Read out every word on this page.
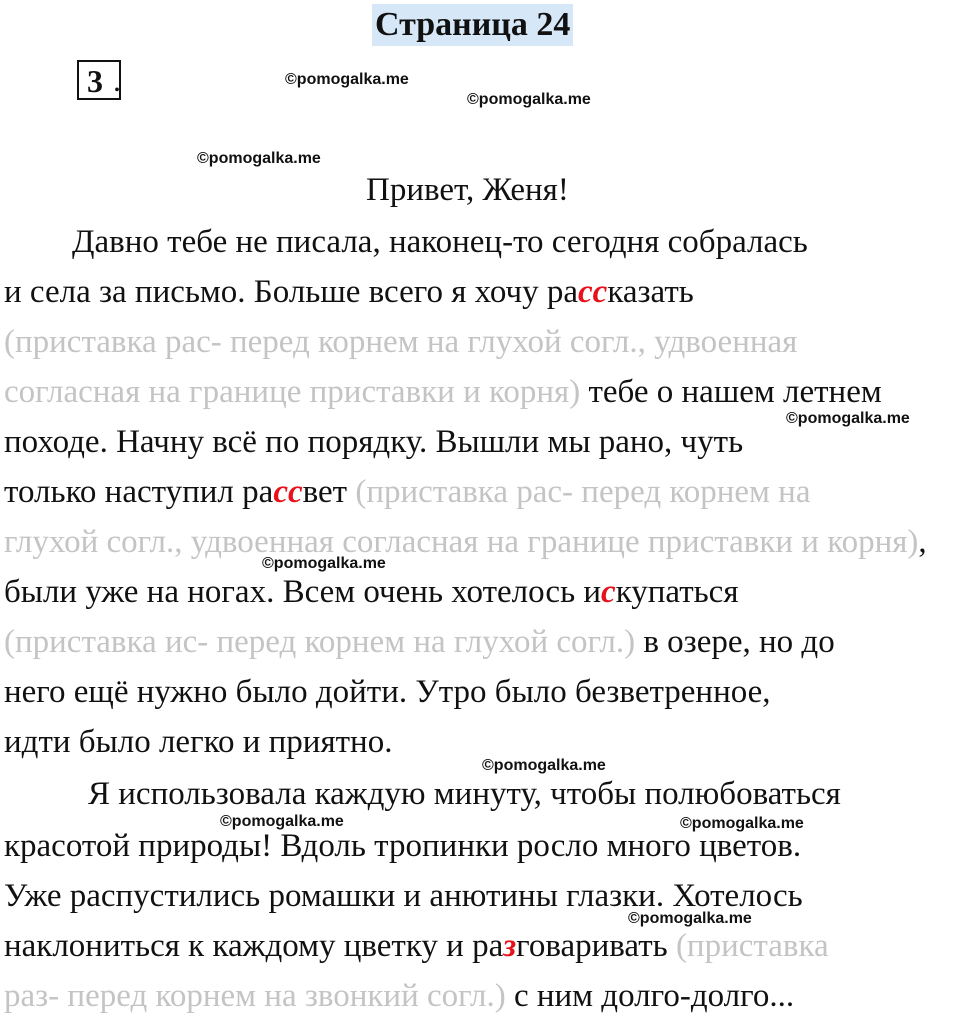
Страница 24
3 .	©pomogalka.me
©pomogalka.me
©pomogalka.me
©pomogalka.me
©pomogalka.me
©pomogalka.me
©pomogalka.me	©pomogalka.me
©pomogalka.me
Привет, Женя!
Давно тебе не писала, наконец-то сегодня собралась
и села за письмо. Больше всего я хочу рассказать
(приставка рас- перед корнем на глухой согл., удвоенная
согласная на границе приставки и корня) тебе о нашем летнем
походе. Начну всё по порядку. Вышли мы рано, чуть
только наступил рассвет (приставка рас- перед корнем на
глухой согл., удвоенная согласная на границе приставки и корня),
были уже на ногах. Всем очень хотелось искупаться
(приставка ис- перед корнем на глухой согл.) в озере, но до
него ещё нужно было дойти. Утро было безветренное,
идти было легко и приятно.
Я использовала каждую минуту, чтобы полюбоваться
красотой природы! Вдоль тропинки росло много цветов.
Уже распустились ромашки и анютины глазки. Хотелось
наклониться к каждому цветку и разговаривать (приставка
раз- перед корнем на звонкий согл.) с ним долго-долго...
